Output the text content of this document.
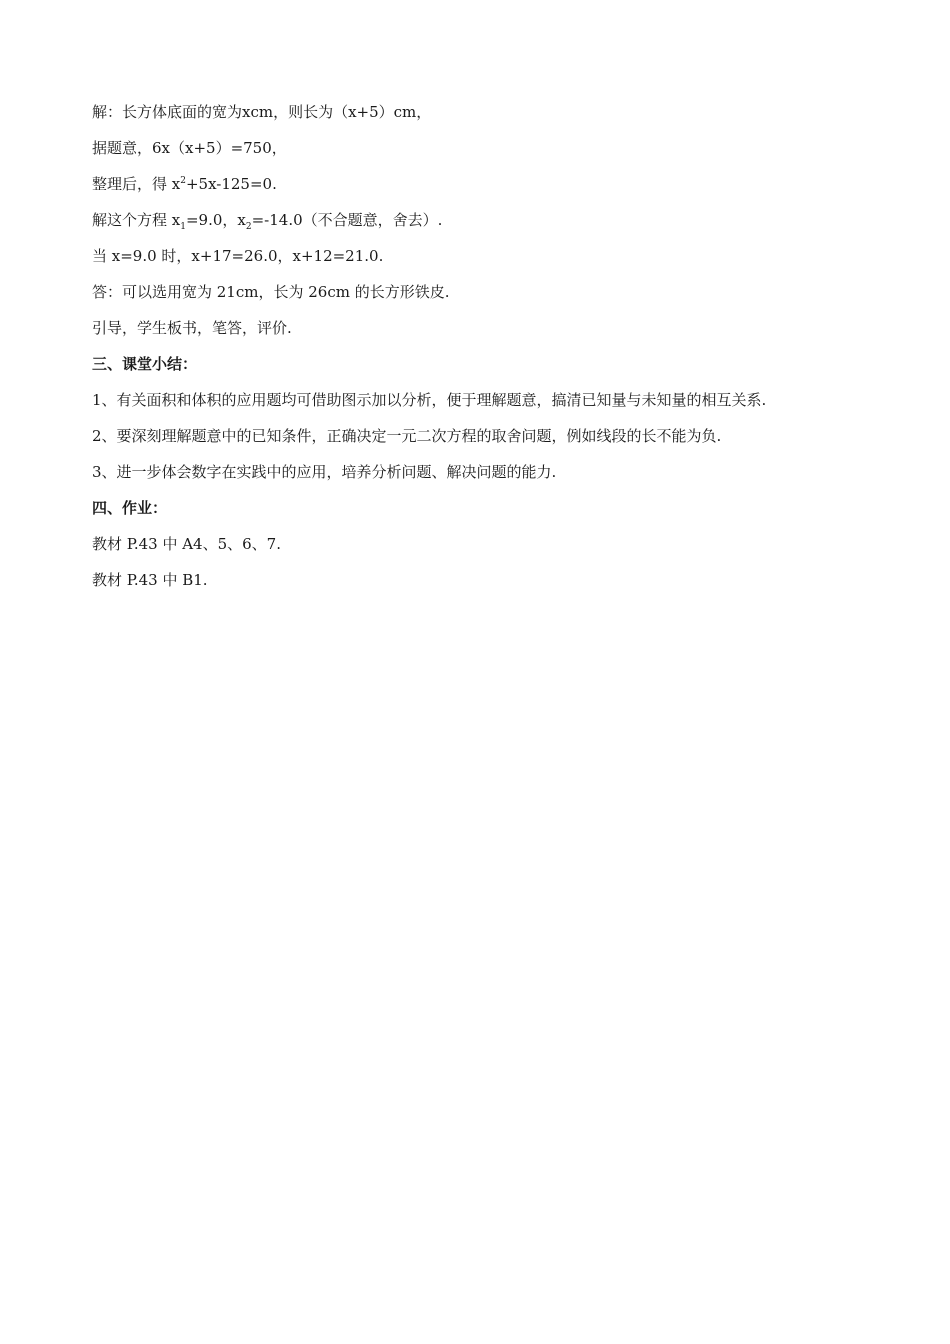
解：长方体底面的宽为xcm，则长为（x+5）cm，
据题意，6x（x+5）=750，
整理后，得 $x^2+5x-125=0$.
解这个方程 $x_1=9.0$，$x_2=-14.0$（不合题意，舍去）.
当 x=9.0 时，x+17=26.0，x+12=21.0.
答：可以选用宽为 21cm，长为 26cm 的长方形铁皮.
引导，学生板书，笔答，评价.
三、课堂小结：
1、有关面积和体积的应用题均可借助图示加以分析，便于理解题意，搞清已知量与未知量的相互关系.
2、要深刻理解题意中的已知条件，正确决定一元二次方程的取舍问题，例如线段的长不能为负.
3、进一步体会数字在实践中的应用，培养分析问题、解决问题的能力.
四、作业：
教材 P.43 中 A4、5、6、7.
教材 P.43 中 B1.
